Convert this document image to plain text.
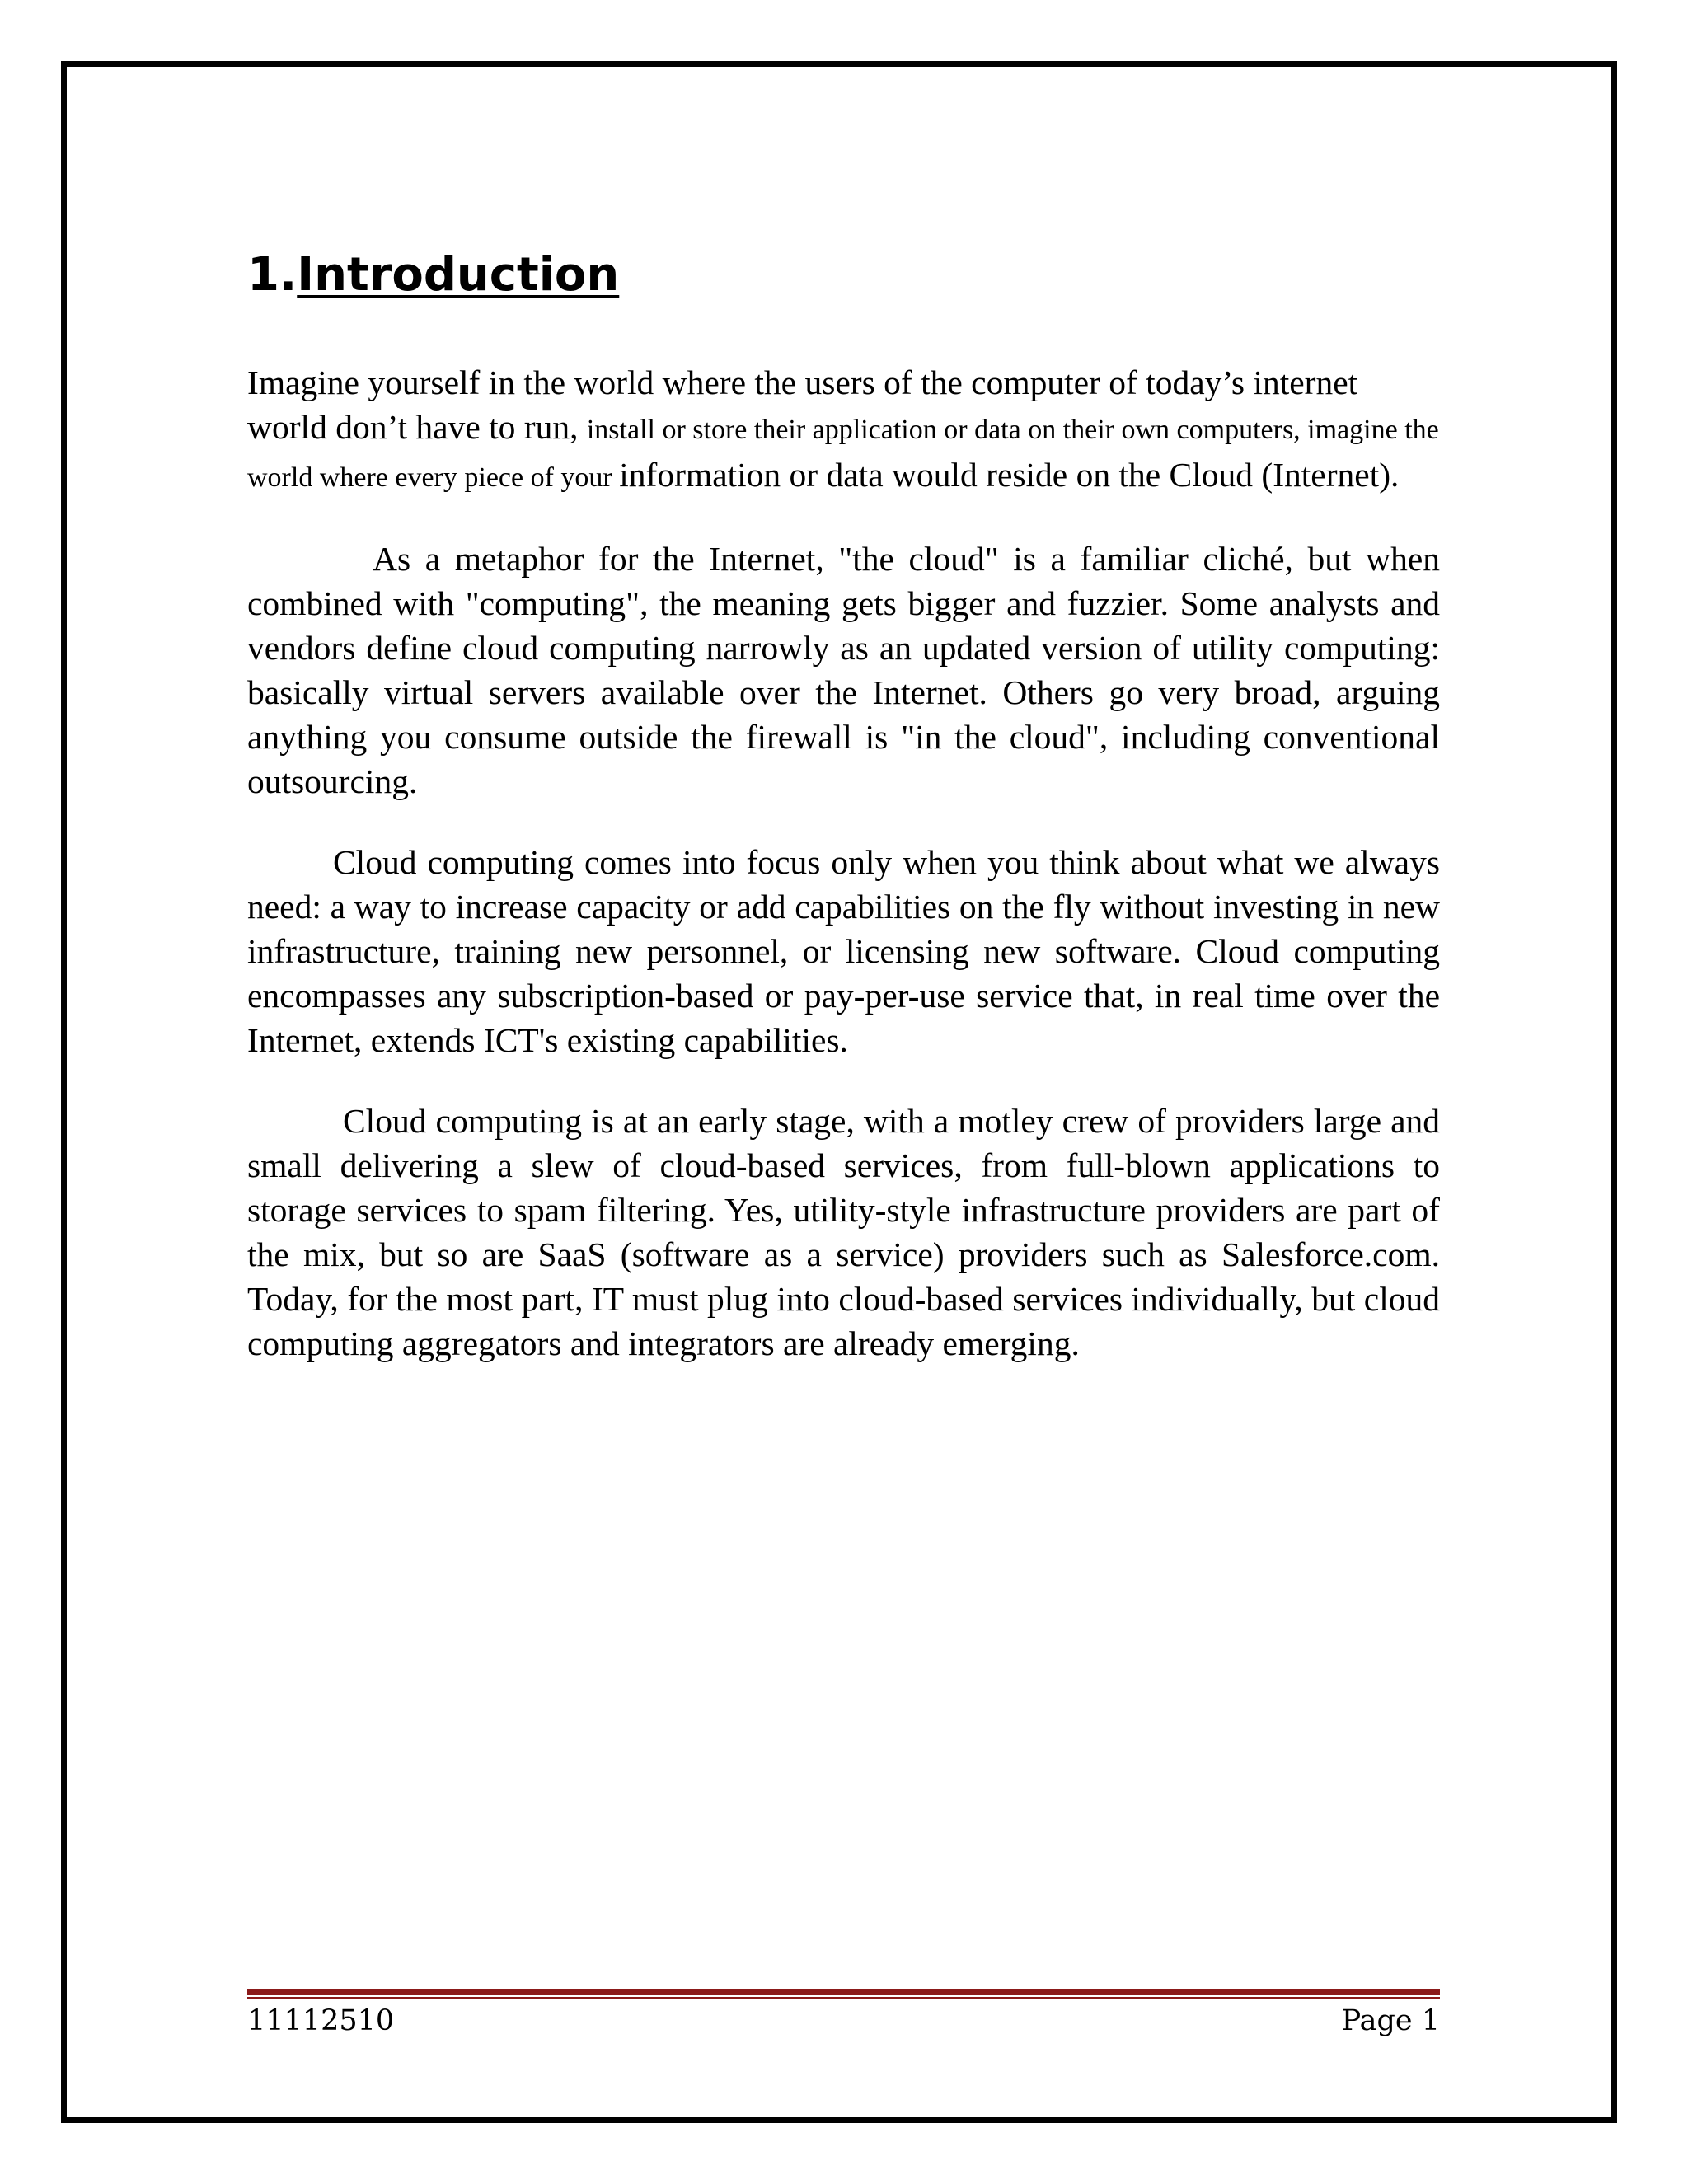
1.Introduction

Imagine yourself in the world where the users of the computer of today’s internet world don’t have to run, install or store their application or data on their own computers, imagine the world where every piece of your information or data would reside on the Cloud (Internet).

As a metaphor for the Internet, "the cloud" is a familiar cliché, but when combined with "computing", the meaning gets bigger and fuzzier. Some analysts and vendors define cloud computing narrowly as an updated version of utility computing: basically virtual servers available over the Internet. Others go very broad, arguing anything you consume outside the firewall is "in the cloud", including conventional outsourcing.

Cloud computing comes into focus only when you think about what we always need: a way to increase capacity or add capabilities on the fly without investing in new infrastructure, training new personnel, or licensing new software. Cloud computing encompasses any subscription-based or pay-per-use service that, in real time over the Internet, extends ICT's existing capabilities.

Cloud computing is at an early stage, with a motley crew of providers large and small delivering a slew of cloud-based services, from full-blown applications to storage services to spam filtering. Yes, utility-style infrastructure providers are part of the mix, but so are SaaS (software as a service) providers such as Salesforce.com. Today, for the most part, IT must plug into cloud-based services individually, but cloud computing aggregators and integrators are already emerging.

11112510	Page 1
